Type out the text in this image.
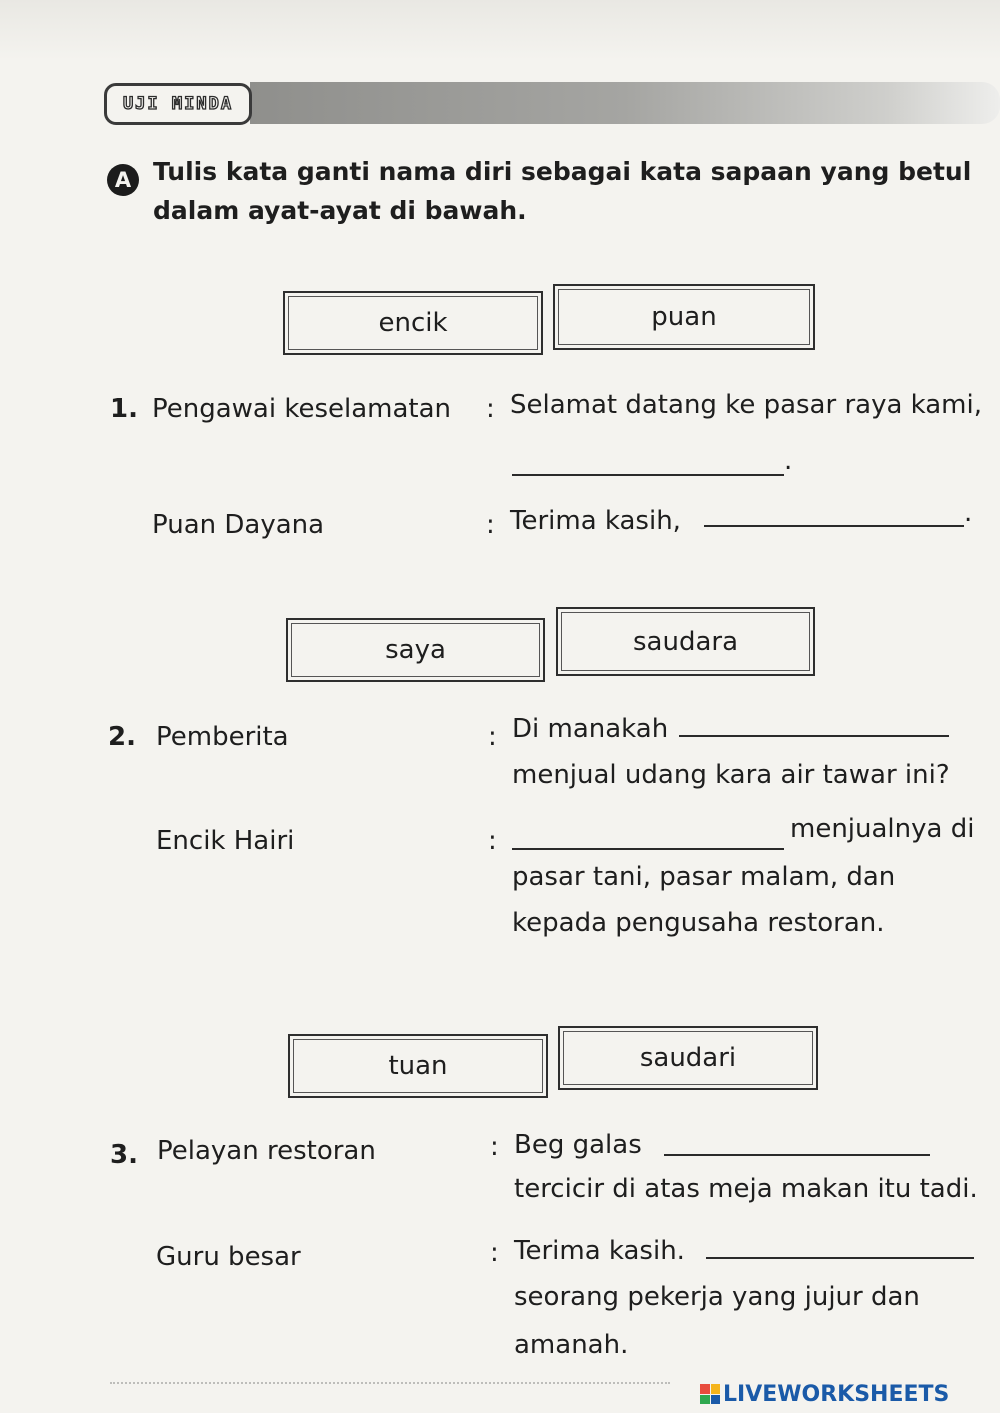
UJI MINDA
A Tulis kata ganti nama diri sebagai kata sapaan yang betul
dalam ayat-ayat di bawah.
encik	puan
1. Pengawai keselamatan : Selamat datang ke pasar raya kami,
.
Puan Dayana	: Terima kasih,	.
saya	saudara
2. Pemberita	: Di manakah
menjual udang kara air tawar ini?
Encik Hairi	:	menjualnya di
pasar tani, pasar malam, dan
kepada pengusaha restoran.
tuan	saudari
3. Pelayan restoran	: Beg galas
tercicir di atas meja makan itu tadi.
Guru besar	: Terima kasih.
seorang pekerja yang jujur dan
amanah.
LIVEWORKSHEETS
